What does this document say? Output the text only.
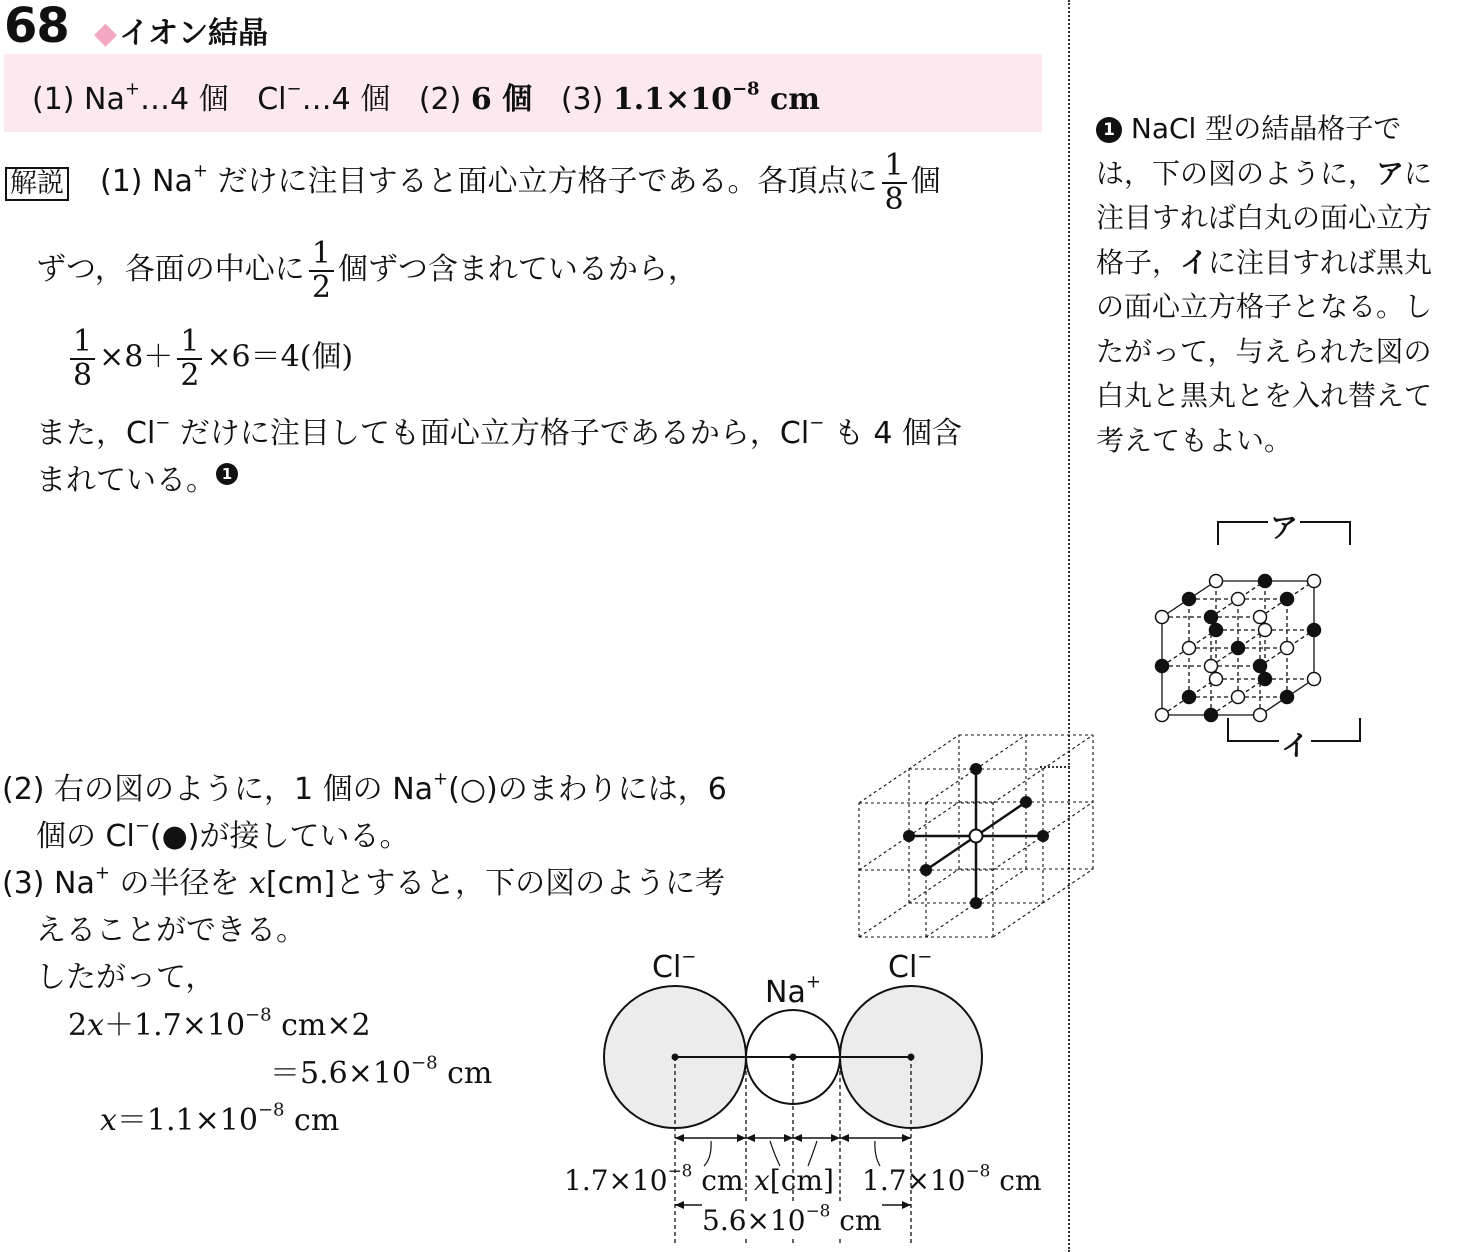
68 ◆イオン結晶
(1) Na+…4 個 Cl−…4 個 (2) 6 個 (3) $1.1\times 10^{-8}$ cm
解説 (1) Na+ だけに注目すると面心立方格子である。各頂点に $\frac{1}{8}$ 個
ずつ，各面の中心に $\frac{1}{2}$ 個ずつ含まれているから，
$\frac{1}{8} \times 8+ \frac{1}{2} \times 6=4$(個)
また，Cl− だけに注目しても面心立方格子であるから，Cl− も 4 個含
まれている。 1
1 NaCl 型の結晶格子では，下の図のように，アに注目すれば白丸の面心立方格子，イに注目すれば黒丸の面心立方格子となる。したがって，与えられた図の白丸と黒丸とを入れ替えて考えてもよい。
ア
イ
(2) 右の図のように，1 個の Na+(○)のまわりには，6
個の Cl−(●)が接している。
(3) Na+ の半径を x[cm]とすると，下の図のように考
えることができる。
したがって，
$2x+1.7\times 10^{-8}$ cm×2
$=5.6\times 10^{-8}$ cm
$x=1.1\times 10^{-8}$ cm
Cl−
Na+ Cl−
$1.7\times 10^{-8}$ cm x[cm] $1.7\times 10^{-8}$ cm
$5.6\times 10^{-8}$ cm
